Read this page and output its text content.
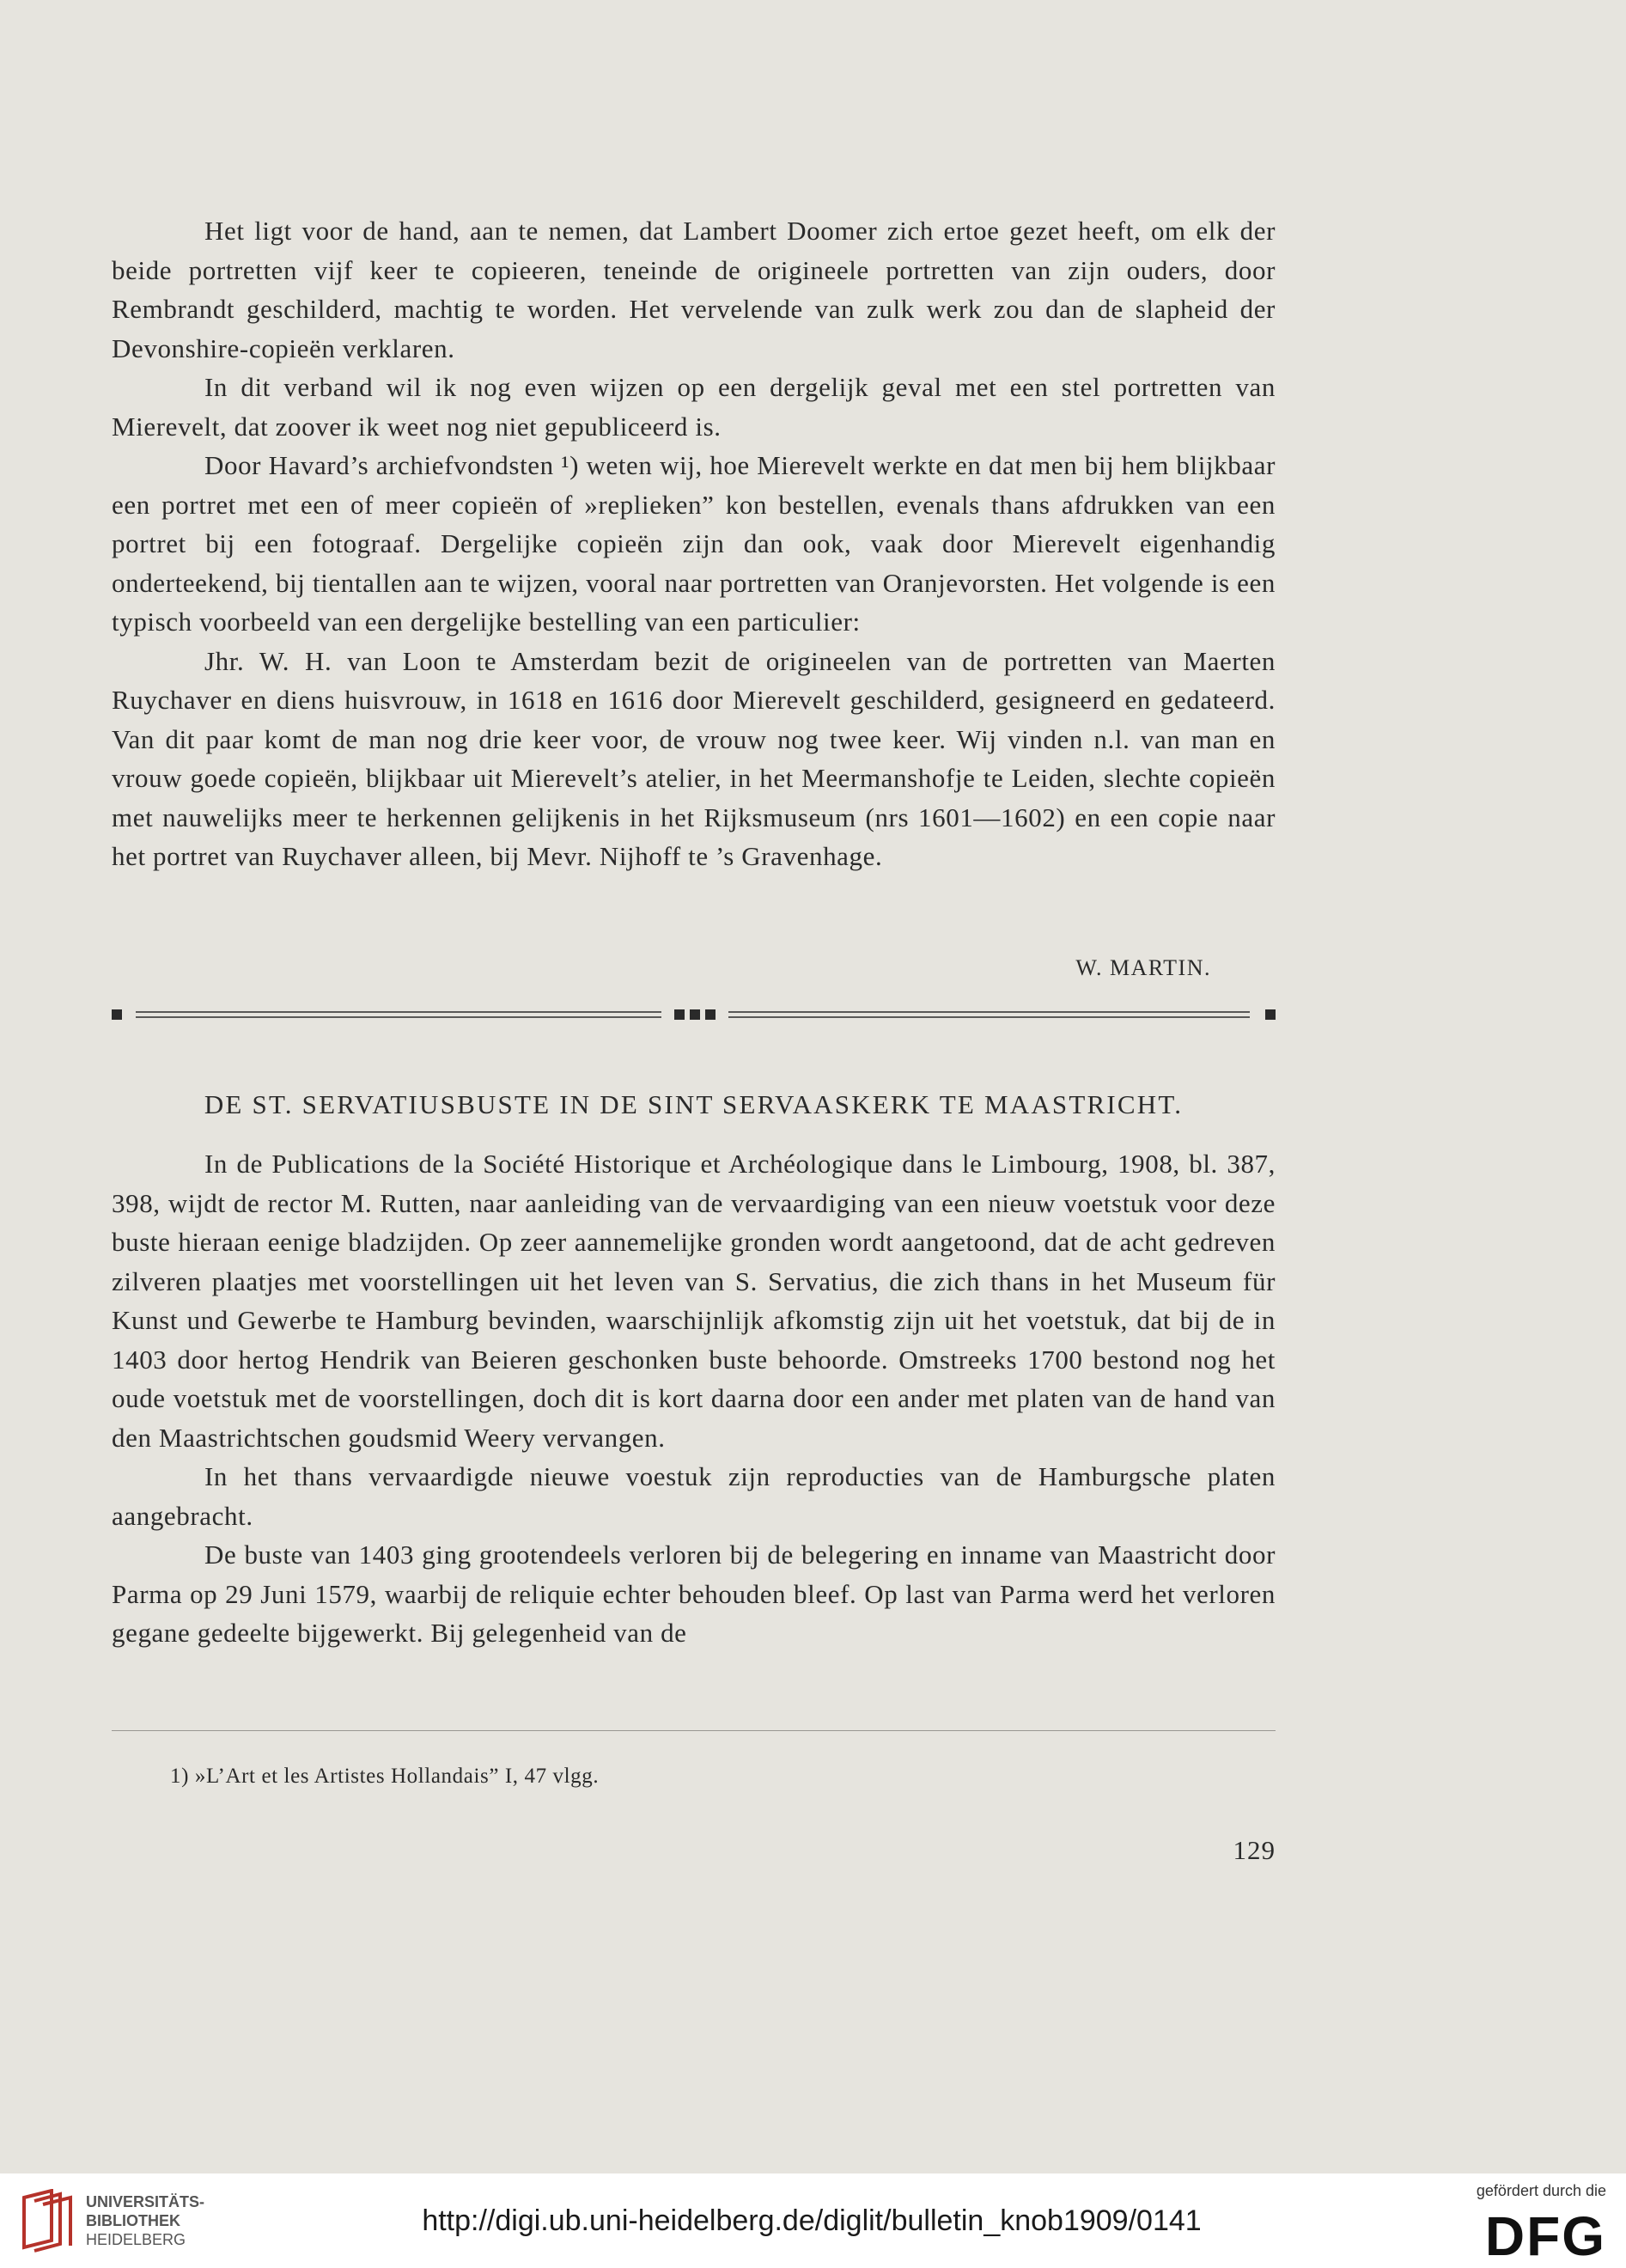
Het ligt voor de hand, aan te nemen, dat Lambert Doomer zich ertoe gezet heeft, om elk der beide portretten vijf keer te copieeren, teneinde de origineele portretten van zijn ouders, door Rembrandt geschilderd, machtig te worden. Het vervelende van zulk werk zou dan de slapheid der Devonshire-copieën verklaren.

In dit verband wil ik nog even wijzen op een dergelijk geval met een stel portretten van Mierevelt, dat zoover ik weet nog niet gepubliceerd is.

Door Havard’s archiefvondsten ¹) weten wij, hoe Mierevelt werkte en dat men bij hem blijkbaar een portret met een of meer copieën of »replieken” kon bestellen, evenals thans afdrukken van een portret bij een fotograaf. Dergelijke copieën zijn dan ook, vaak door Mierevelt eigenhandig onderteekend, bij tientallen aan te wijzen, vooral naar portretten van Oranjevorsten. Het volgende is een typisch voorbeeld van een dergelijke bestelling van een particulier:

Jhr. W. H. van Loon te Amsterdam bezit de origineelen van de portretten van Maerten Ruychaver en diens huisvrouw, in 1618 en 1616 door Mierevelt geschilderd, gesigneerd en gedateerd. Van dit paar komt de man nog drie keer voor, de vrouw nog twee keer. Wij vinden n.l. van man en vrouw goede copieën, blijkbaar uit Mierevelt’s atelier, in het Meermanshofje te Leiden, slechte copieën met nauwelijks meer te herkennen gelijkenis in het Rijksmuseum (nrs 1601—1602) en een copie naar het portret van Ruychaver alleen, bij Mevr. Nijhoff te ’s Gravenhage.

W. MARTIN.
DE ST. SERVATIUSBUSTE IN DE SINT SERVAASKERK TE MAASTRICHT.

In de Publications de la Société Historique et Archéologique dans le Limbourg, 1908, bl. 387, 398, wijdt de rector M. Rutten, naar aanleiding van de vervaardiging van een nieuw voetstuk voor deze buste hieraan eenige bladzijden. Op zeer aannemelijke gronden wordt aangetoond, dat de acht gedreven zilveren plaatjes met voorstellingen uit het leven van S. Servatius, die zich thans in het Museum für Kunst und Gewerbe te Hamburg bevinden, waarschijnlijk afkomstig zijn uit het voetstuk, dat bij de in 1403 door hertog Hendrik van Beieren geschonken buste behoorde. Omstreeks 1700 bestond nog het oude voetstuk met de voorstellingen, doch dit is kort daarna door een ander met platen van de hand van den Maastrichtschen goudsmid Weery vervangen.

In het thans vervaardigde nieuwe voestuk zijn reproducties van de Hamburgsche platen aangebracht.

De buste van 1403 ging grootendeels verloren bij de belegering en inname van Maastricht door Parma op 29 Juni 1579, waarbij de reliquie echter behouden bleef. Op last van Parma werd het verloren gegane gedeelte bijgewerkt. Bij gelegenheid van de

1) »L’Art et les Artistes Hollandais” I, 47 vlgg.
129
UNIVERSITÄTS-
BIBLIOTHEK
HEIDELBERG
http://digi.ub.uni-heidelberg.de/diglit/bulletin_knob1909/0141
gefördert durch die
DFG
